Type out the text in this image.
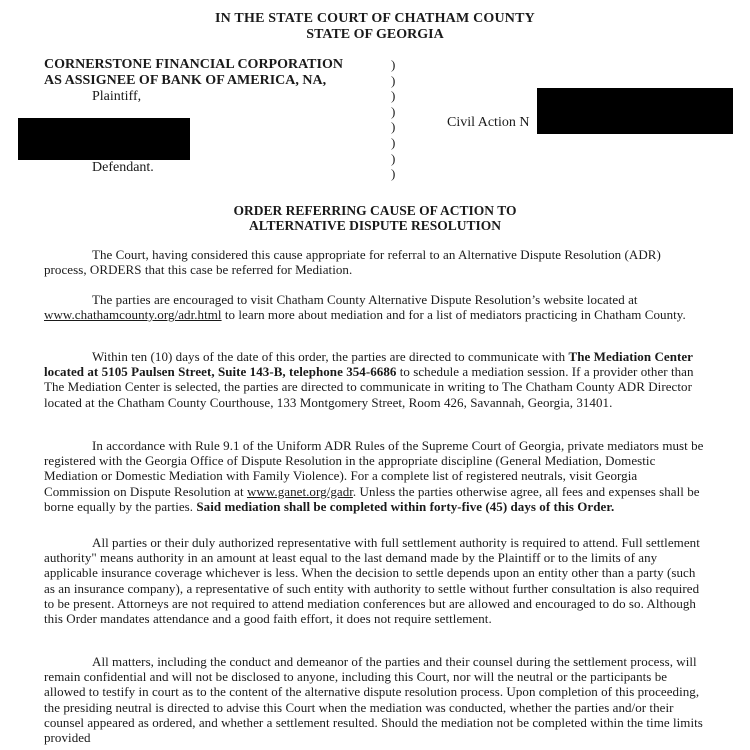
IN THE STATE COURT OF CHATHAM COUNTY
STATE OF GEORGIA
CORNERSTONE FINANCIAL CORPORATION
AS ASSIGNEE OF BANK OF AMERICA, NA,
Plaintiff,
Defendant.
)
)
)
)
)
)
)
)
Civil Action N
ORDER REFERRING CAUSE OF ACTION TO
ALTERNATIVE DISPUTE RESOLUTION

The Court, having considered this cause appropriate for referral to an Alternative Dispute Resolution (ADR) process, ORDERS that this case be referred for Mediation.

The parties are encouraged to visit Chatham County Alternative Dispute Resolution’s website located at www.chathamcounty.org/adr.html to learn more about mediation and for a list of mediators practicing in Chatham County.

Within ten (10) days of the date of this order, the parties are directed to communicate with The Mediation Center located at 5105 Paulsen Street, Suite 143-B, telephone 354-6686 to schedule a mediation session. If a provider other than The Mediation Center is selected, the parties are directed to communicate in writing to The Chatham County ADR Director located at the Chatham County Courthouse, 133 Montgomery Street, Room 426, Savannah, Georgia, 31401.

In accordance with Rule 9.1 of the Uniform ADR Rules of the Supreme Court of Georgia, private mediators must be registered with the Georgia Office of Dispute Resolution in the appropriate discipline (General Mediation, Domestic Mediation or Domestic Mediation with Family Violence). For a complete list of registered neutrals, visit Georgia Commission on Dispute Resolution at www.ganet.org/gadr. Unless the parties otherwise agree, all fees and expenses shall be borne equally by the parties. Said mediation shall be completed within forty-five (45) days of this Order.

All parties or their duly authorized representative with full settlement authority is required to attend. Full settlement authority" means authority in an amount at least equal to the last demand made by the Plaintiff or to the limits of any applicable insurance coverage whichever is less. When the decision to settle depends upon an entity other than a party (such as an insurance company), a representative of such entity with authority to settle without further consultation is also required to be present. Attorneys are not required to attend mediation conferences but are allowed and encouraged to do so. Although this Order mandates attendance and a good faith effort, it does not require settlement.

All matters, including the conduct and demeanor of the parties and their counsel during the settlement process, will remain confidential and will not be disclosed to anyone, including this Court, nor will the neutral or the participants be allowed to testify in court as to the content of the alternative dispute resolution process. Upon completion of this proceeding, the presiding neutral is directed to advise this Court when the mediation was conducted, whether the parties and/or their counsel appeared as ordered, and whether a settlement resulted. Should the mediation not be completed within the time limits provided
